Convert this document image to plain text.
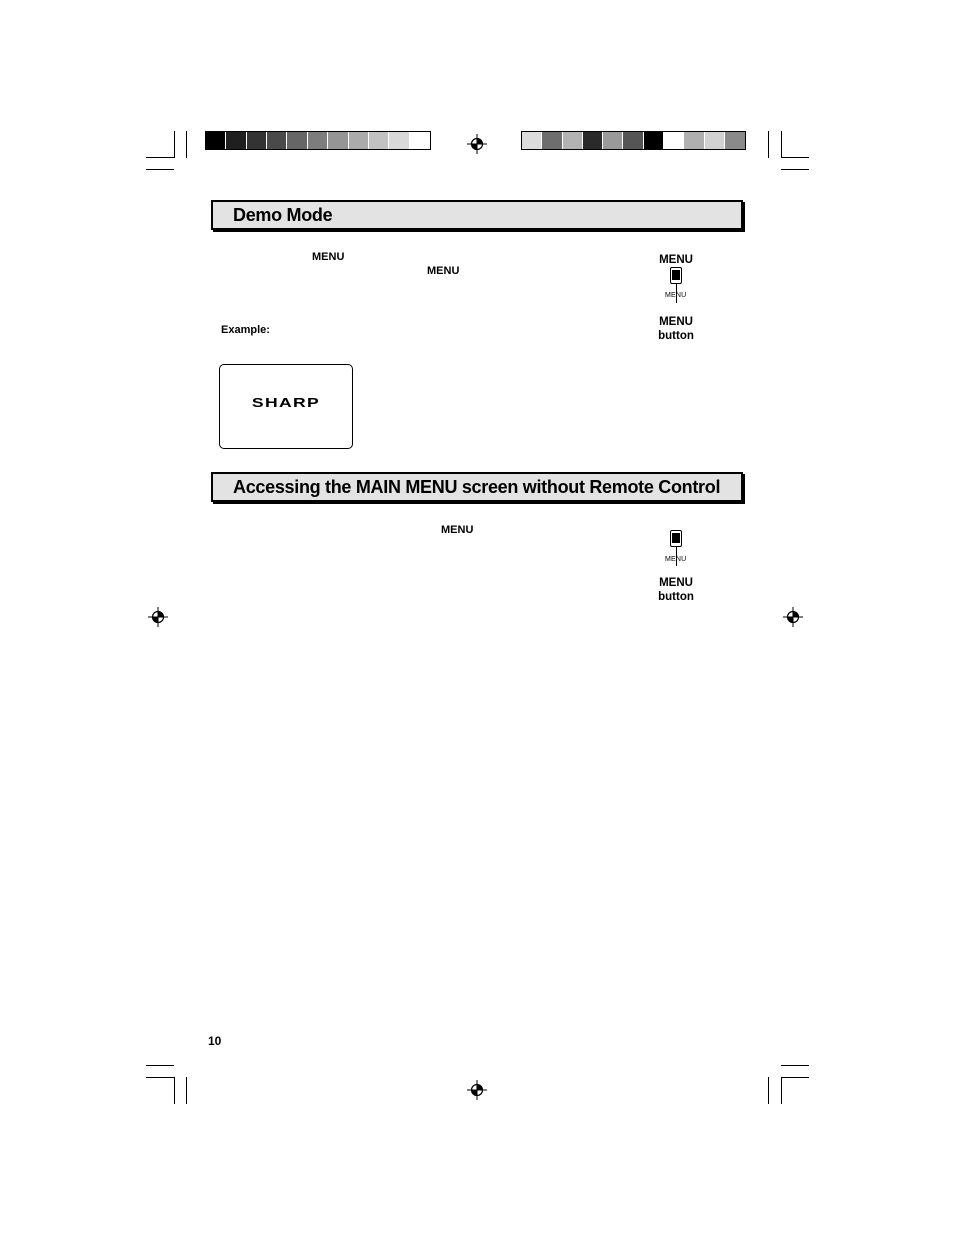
Demo Mode
MENU
MENU
Example:
MENU
MENU
MENU
button
SHARP
Accessing the MAIN MENU screen without Remote Control
MENU
MENU
MENU
button
10
